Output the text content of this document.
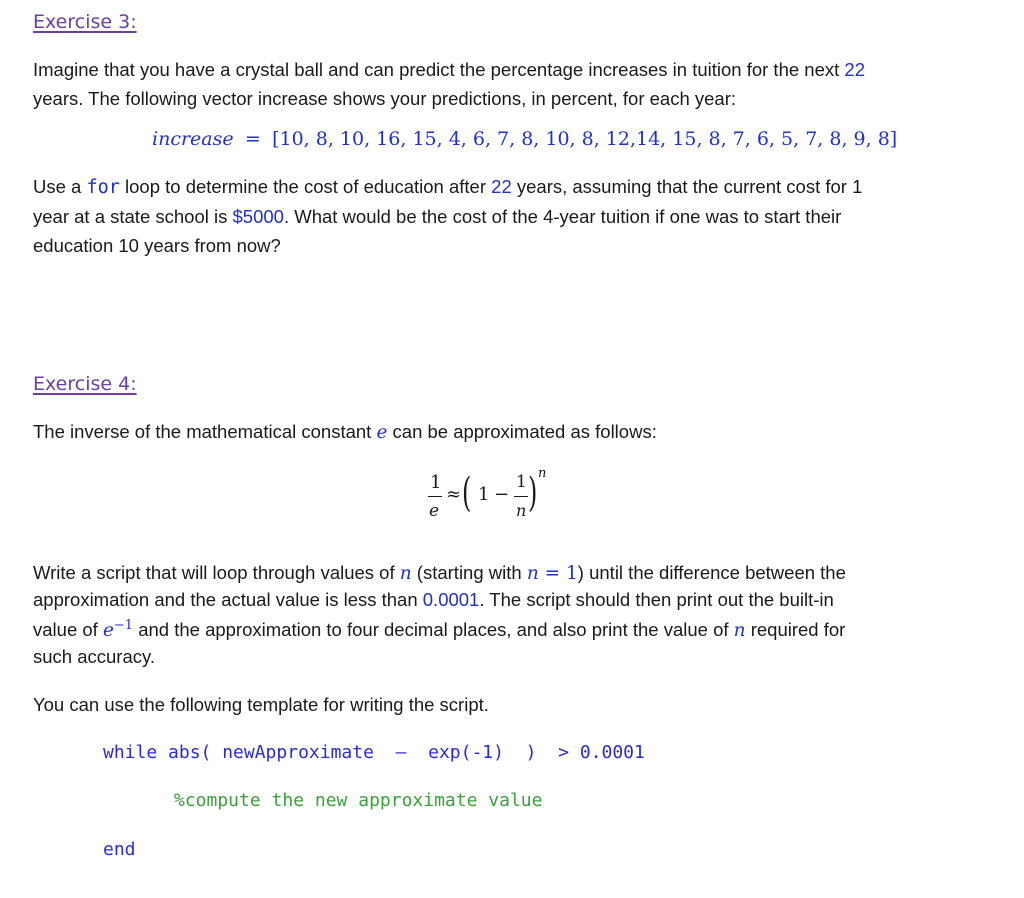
Exercise 3:
Imagine that you have a crystal ball and can predict the percentage increases in tuition for the next 22
years. The following vector increase shows your predictions, in percent, for each year:
increase = [10, 8, 10, 16, 15, 4, 6, 7, 8, 10, 8, 12,14, 15, 8, 7, 6, 5, 7, 8, 9, 8]
Use a for loop to determine the cost of education after 22 years, assuming that the current cost for 1
year at a state school is $5000. What would be the cost of the 4-year tuition if one was to start their
education 10 years from now?
Exercise 4:
The inverse of the mathematical constant e can be approximated as follows:
1
e
≈ ( 1 −
1
n ) n
Write a script that will loop through values of n (starting with n = 1) until the difference between the
approximation and the actual value is less than 0.0001. The script should then print out the built-in
value of $e^{-1}$ and the approximation to four decimal places, and also print the value of n required for
such accuracy.
You can use the following template for writing the script.
while abs( newApproximate  –  exp(-1)  )  > 0.0001
%compute the new approximate value
end
